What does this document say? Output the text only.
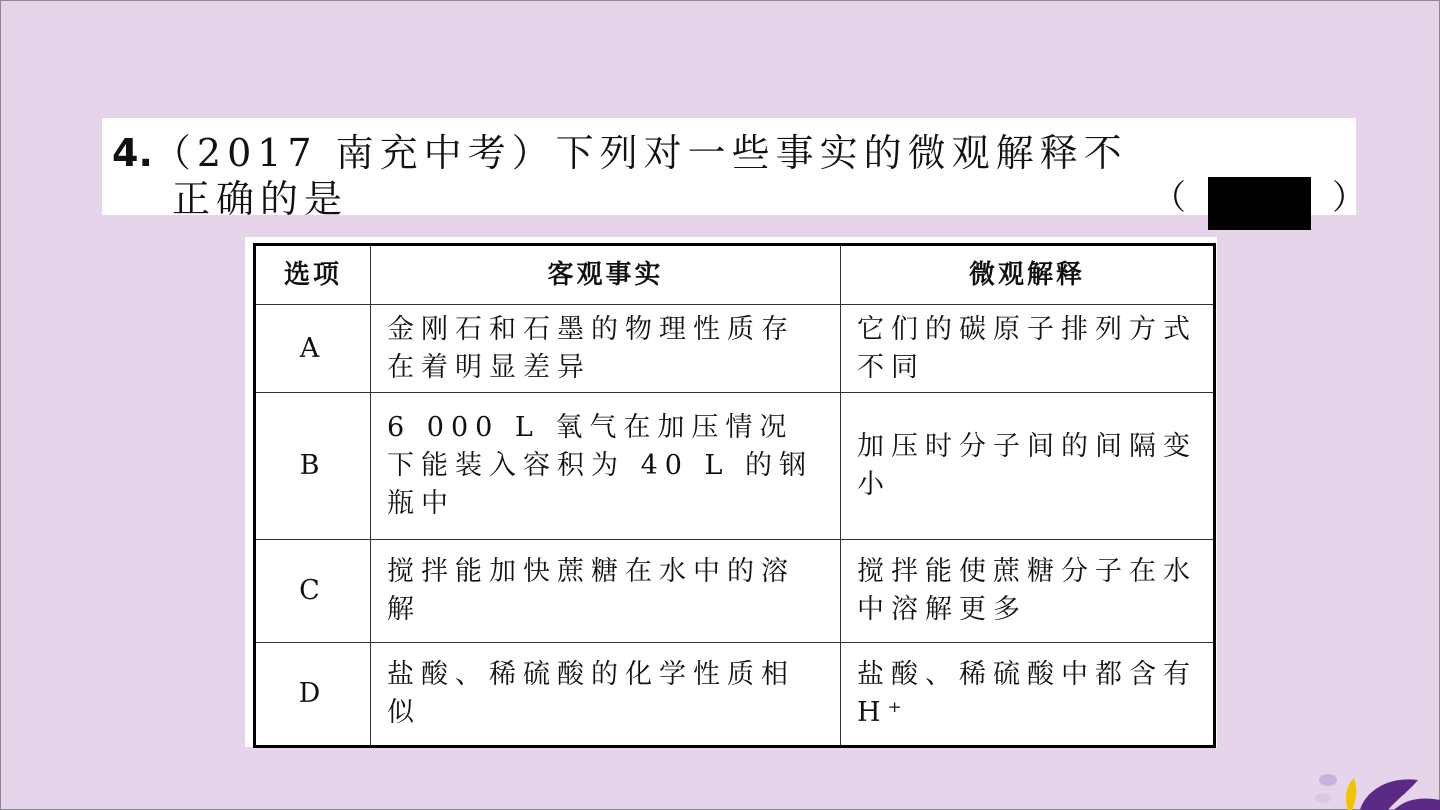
4.（2017 南充中考）下列对一些事实的微观解释不
正确的是	（	）
选项	客观事实	微观解释
A	金刚石和石墨的物理性质存在着明显差异	它们的碳原子排列方式不同
B	6 000 L 氧气在加压情况下能装入容积为 40 L 的钢瓶中	加压时分子间的间隔变小
C	搅拌能加快蔗糖在水中的溶解	搅拌能使蔗糖分子在水中溶解更多
D	盐酸、稀硫酸的化学性质相似	盐酸、稀硫酸中都含有 H⁺
